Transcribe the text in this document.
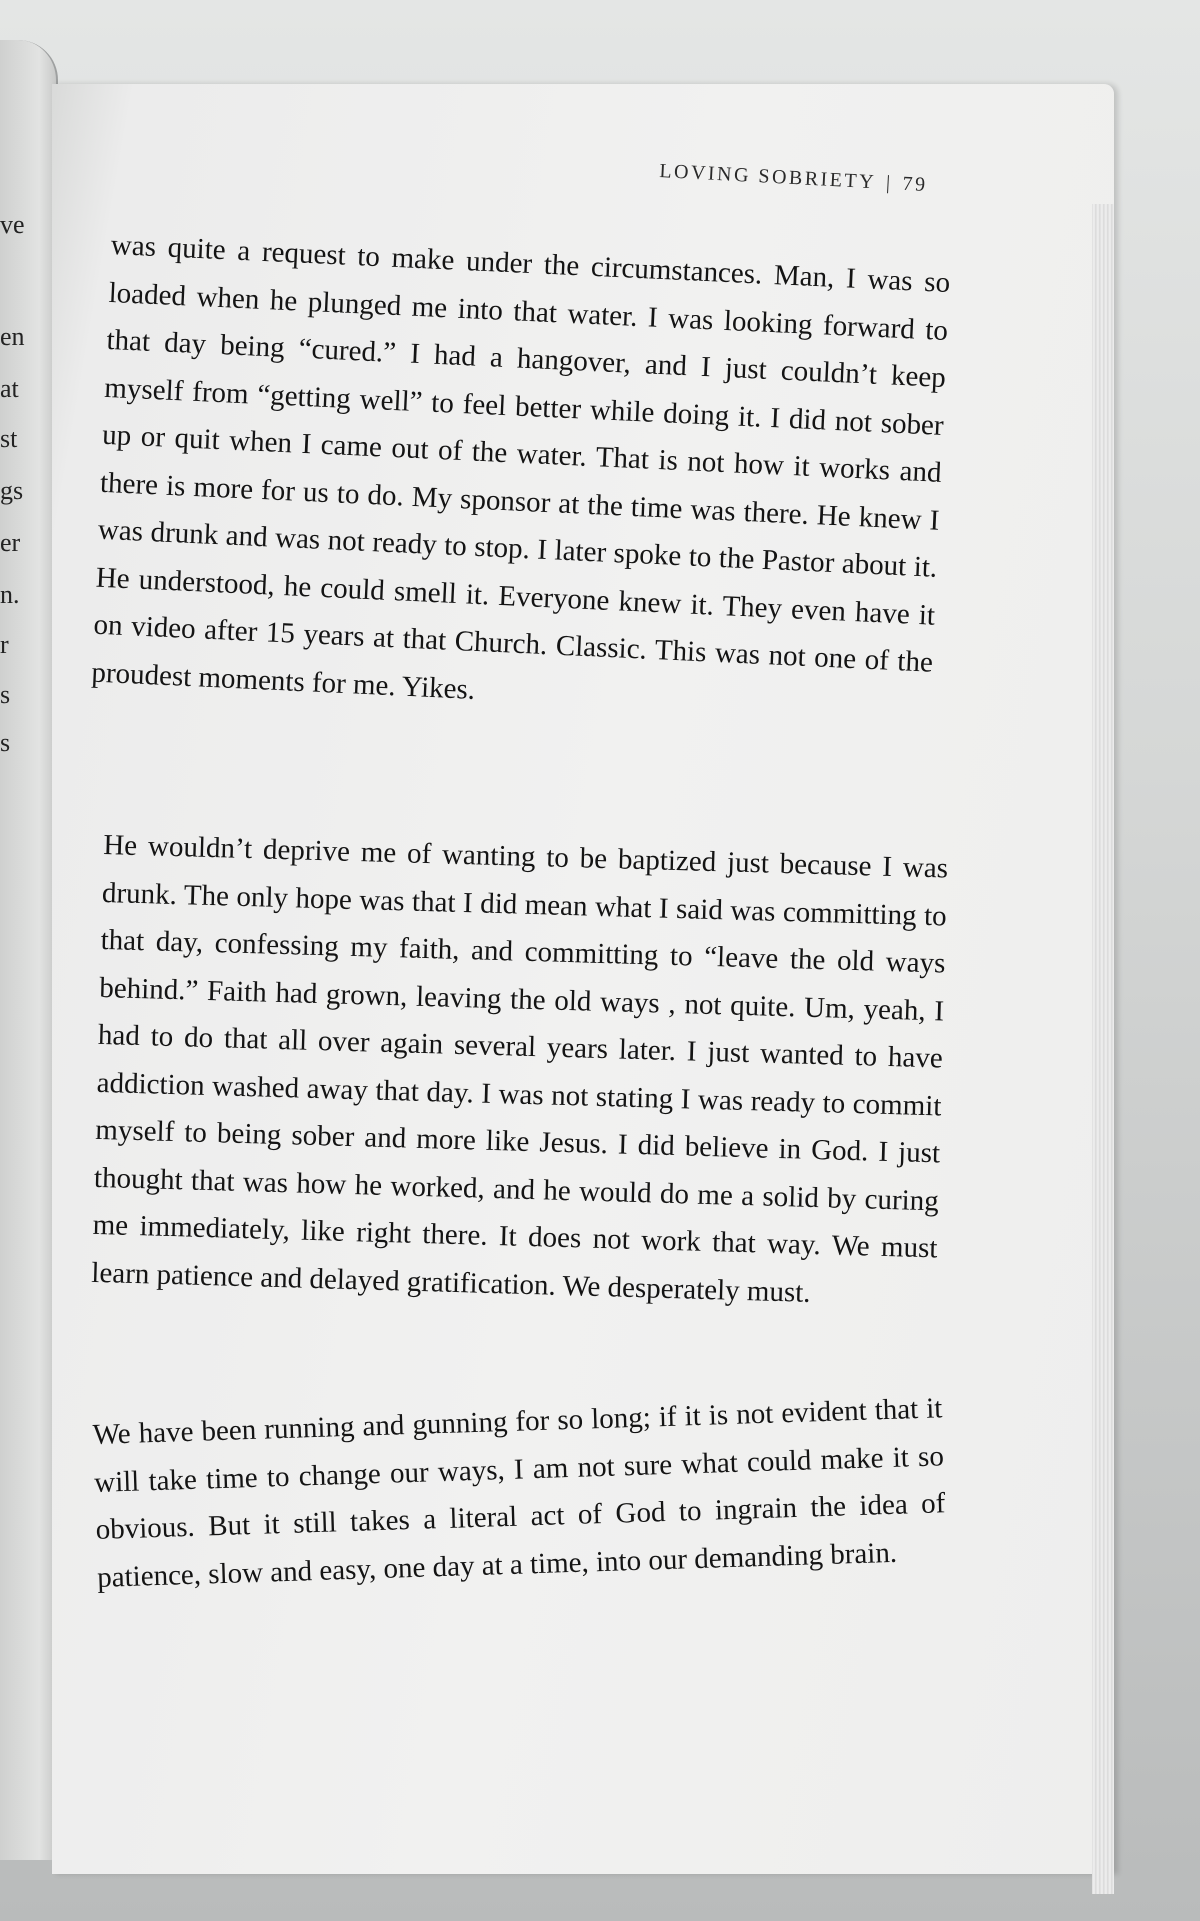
ve
en
at
st
gs
er
n.
r
s
s
LOVING SOBRIETY | 79
was quite a request to make under the circumstances. Man, I was so loaded when he plunged me into that water. I was looking forward to that day being “cured.” I had a hangover, and I just couldn’t keep myself from “getting well” to feel better while doing it. I did not sober up or quit when I came out of the water. That is not how it works and there is more for us to do. My sponsor at the time was there. He knew I was drunk and was not ready to stop. I later spoke to the Pastor about it. He understood, he could smell it. Everyone knew it. They even have it on video after 15 years at that Church. Classic. This was not one of the proudest moments for me. Yikes.
He wouldn’t deprive me of wanting to be baptized just because I was drunk. The only hope was that I did mean what I said was committing to that day, confessing my faith, and committing to “leave the old ways behind.” Faith had grown, leaving the old ways , not quite. Um, yeah, I had to do that all over again several years later. I just wanted to have addiction washed away that day. I was not stating I was ready to commit myself to being sober and more like Jesus. I did believe in God. I just thought that was how he worked, and he would do me a solid by curing me immediately, like right there. It does not work that way. We must learn patience and delayed gratification. We desperately must.
We have been running and gunning for so long; if it is not evident that it will take time to change our ways, I am not sure what could make it so obvious. But it still takes a literal act of God to ingrain the idea of patience, slow and easy, one day at a time, into our demanding brain.
